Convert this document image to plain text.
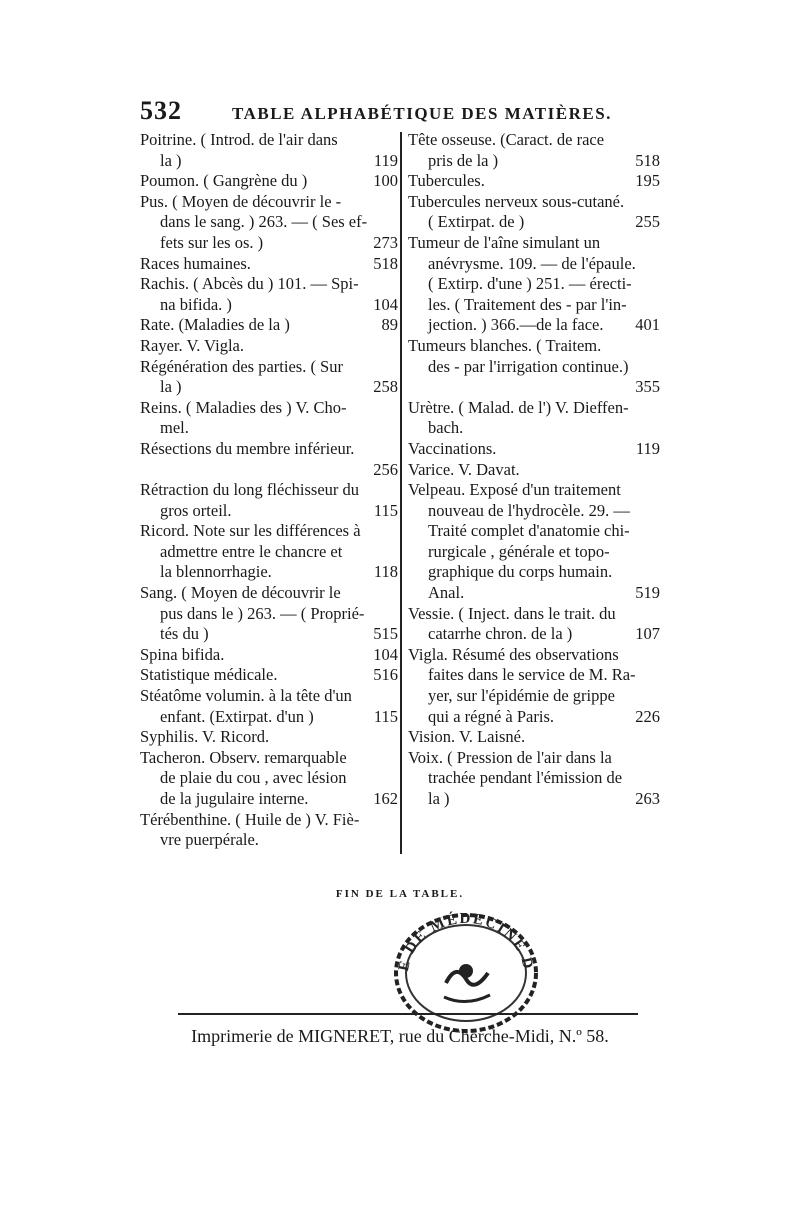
532	TABLE ALPHABÉTIQUE DES MATIÈRES.
Poitrine. ( Introd. de l'air dans
la )	119
Poumon. ( Gangrène du )	100
Pus. ( Moyen de découvrir le -
dans le sang. ) 263. — ( Ses ef-
fets sur les os. )	273
Races humaines.	518
Rachis. ( Abcès du ) 101. — Spi-
na bifida. )	104
Rate. (Maladies de la )	89
Rayer. V. Vigla.
Régénération des parties. ( Sur
la )	258
Reins. ( Maladies des ) V. Cho-
mel.
Résections du membre inférieur.
256
Rétraction du long fléchisseur du
gros orteil.	115
Ricord. Note sur les différences à
admettre entre le chancre et
la blennorrhagie.	118
Sang. ( Moyen de découvrir le
pus dans le ) 263. — ( Proprié-
tés du )	515
Spina bifida.	104
Statistique médicale.	516
Stéatôme volumin. à la tête d'un
enfant. (Extirpat. d'un )	115
Syphilis. V. Ricord.
Tacheron. Observ. remarquable
de plaie du cou , avec lésion
de la jugulaire interne.	162
Térébenthine. ( Huile de ) V. Fiè-
vre puerpérale.
Tête osseuse. (Caract. de race
pris de la )	518
Tubercules.	195
Tubercules nerveux sous-cutané.
( Extirpat. de )	255
Tumeur de l'aîne simulant un
anévrysme. 109. — de l'épaule.
( Extirp. d'une ) 251. — érecti-
les. ( Traitement des - par l'in-
jection. ) 366.—de la face.	401
Tumeurs blanches. ( Traitem.
des - par l'irrigation continue.)
355
Urètre. ( Malad. de l') V. Dieffen-
bach.
Vaccinations.	119
Varice. V. Davat.
Velpeau. Exposé d'un traitement
nouveau de l'hydrocèle. 29. —
Traité complet d'anatomie chi-
rurgicale , générale et topo-
graphique du corps humain.
Anal.	519
Vessie. ( Inject. dans le trait. du
catarrhe chron. de la )	107
Vigla. Résumé des observations
faites dans le service de M. Ra-
yer, sur l'épidémie de grippe
qui a régné à Paris.	226
Vision. V. Laisné.
Voix. ( Pression de l'air dans la
trachée pendant l'émission de
la )	263
FIN DE LA TABLE.
É DE MÉDECINE D
Imprimerie de MIGNERET, rue du Cherche-Midi, N.º 58.
